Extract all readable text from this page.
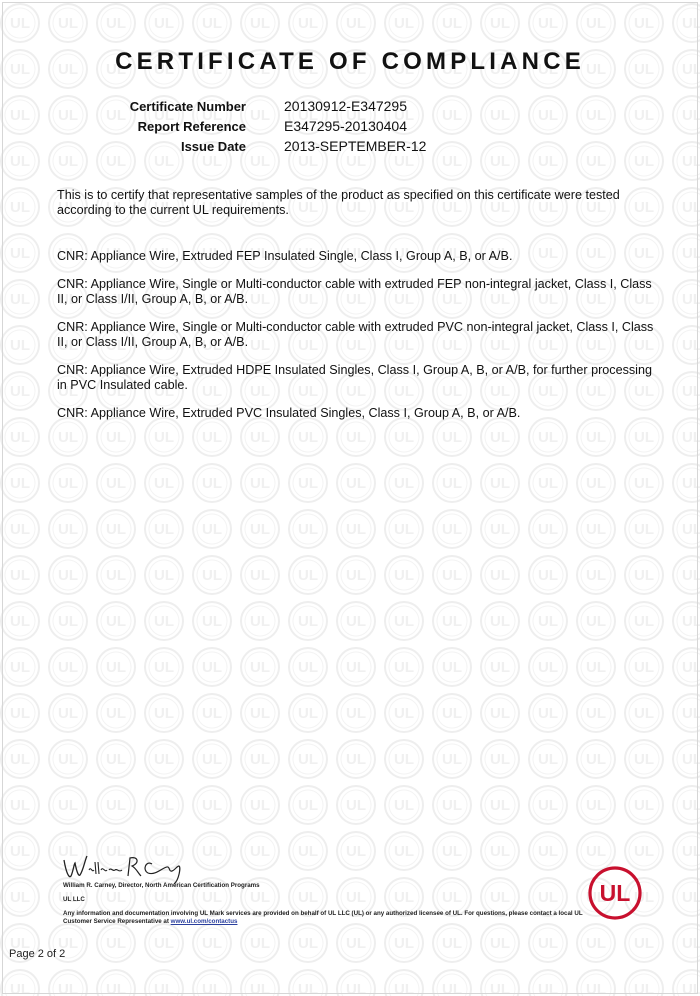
CERTIFICATE OF COMPLIANCE
Certificate Number	20130912-E347295
Report Reference	E347295-20130404
Issue Date	2013-SEPTEMBER-12
This is to certify that representative samples of the product as specified on this certificate were tested according to the current UL requirements.

CNR: Appliance Wire, Extruded FEP Insulated Single, Class I, Group A, B, or A/B.

CNR: Appliance Wire, Single or Multi-conductor cable with extruded FEP non-integral jacket, Class I, Class II, or Class I/II, Group A, B, or A/B.

CNR: Appliance Wire, Single or Multi-conductor cable with extruded PVC non-integral jacket, Class I, Class II, or Class I/II, Group A, B, or A/B.

CNR: Appliance Wire, Extruded HDPE Insulated Singles, Class I, Group A, B, or A/B, for further processing in PVC Insulated cable.

CNR: Appliance Wire, Extruded PVC Insulated Singles, Class I, Group A, B, or A/B.

William R. Carney, Director, North American Certification Programs
UL LLC
Any information and documentation involving UL Mark services are provided on behalf of UL LLC (UL) or any authorized licensee of UL. For questions, please contact a local UL Customer Service Representative at www.ul.com/contactus
UL
Page 2 of 2
